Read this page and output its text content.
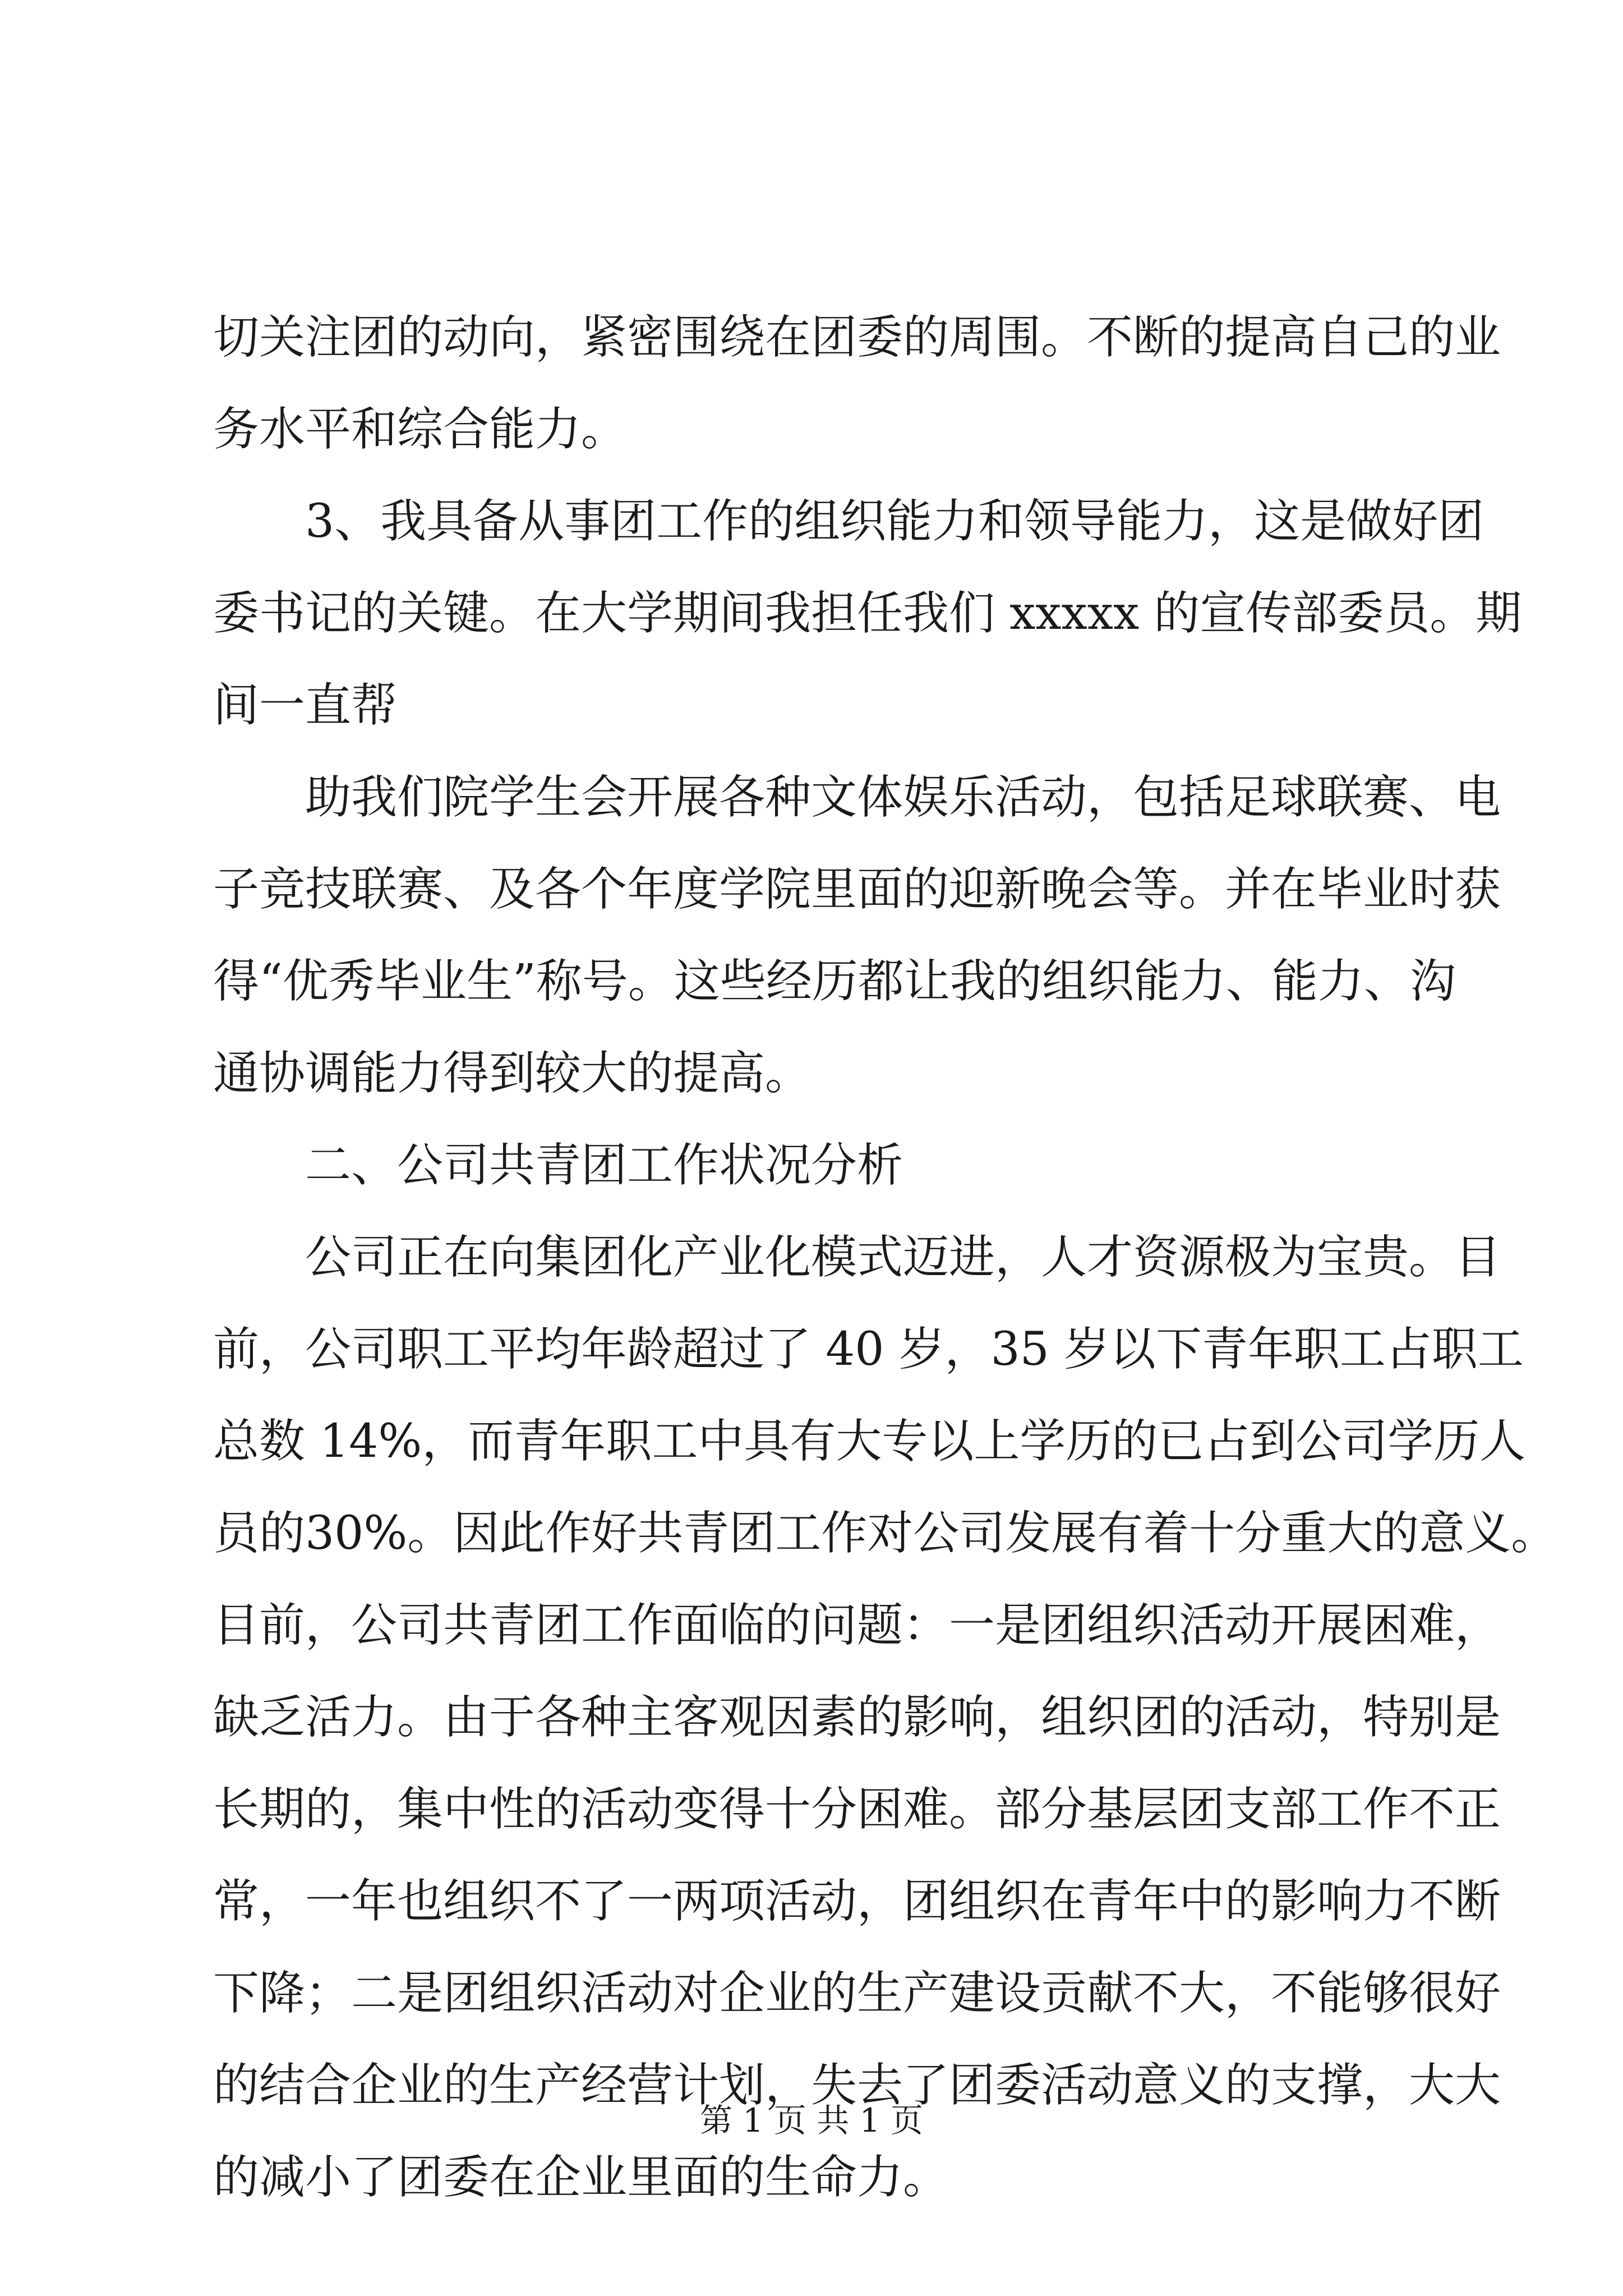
切关注团的动向，紧密围绕在团委的周围。不断的提高自己的业
务水平和综合能力。
3、我具备从事团工作的组织能力和领导能力，这是做好团
委书记的关键。在大学期间我担任我们 xxxxx 的宣传部委员。期
间一直帮
助我们院学生会开展各种文体娱乐活动，包括足球联赛、电
子竞技联赛、及各个年度学院里面的迎新晚会等。并在毕业时获
得“优秀毕业生”称号。这些经历都让我的组织能力、能力、沟
通协调能力得到较大的提高。
二、公司共青团工作状况分析
公司正在向集团化产业化模式迈进，人才资源极为宝贵。目
前，公司职工平均年龄超过了 40 岁，35 岁以下青年职工占职工
总数 14%，而青年职工中具有大专以上学历的已占到公司学历人
员的30%。因此作好共青团工作对公司发展有着十分重大的意义。
目前，公司共青团工作面临的问题：一是团组织活动开展困难，
缺乏活力。由于各种主客观因素的影响，组织团的活动，特别是
长期的，集中性的活动变得十分困难。部分基层团支部工作不正
常，一年也组织不了一两项活动，团组织在青年中的影响力不断
下降；二是团组织活动对企业的生产建设贡献不大，不能够很好
的结合企业的生产经营计划，失去了团委活动意义的支撑，大大
的减小了团委在企业里面的生命力。
第 1 页 共 1 页
